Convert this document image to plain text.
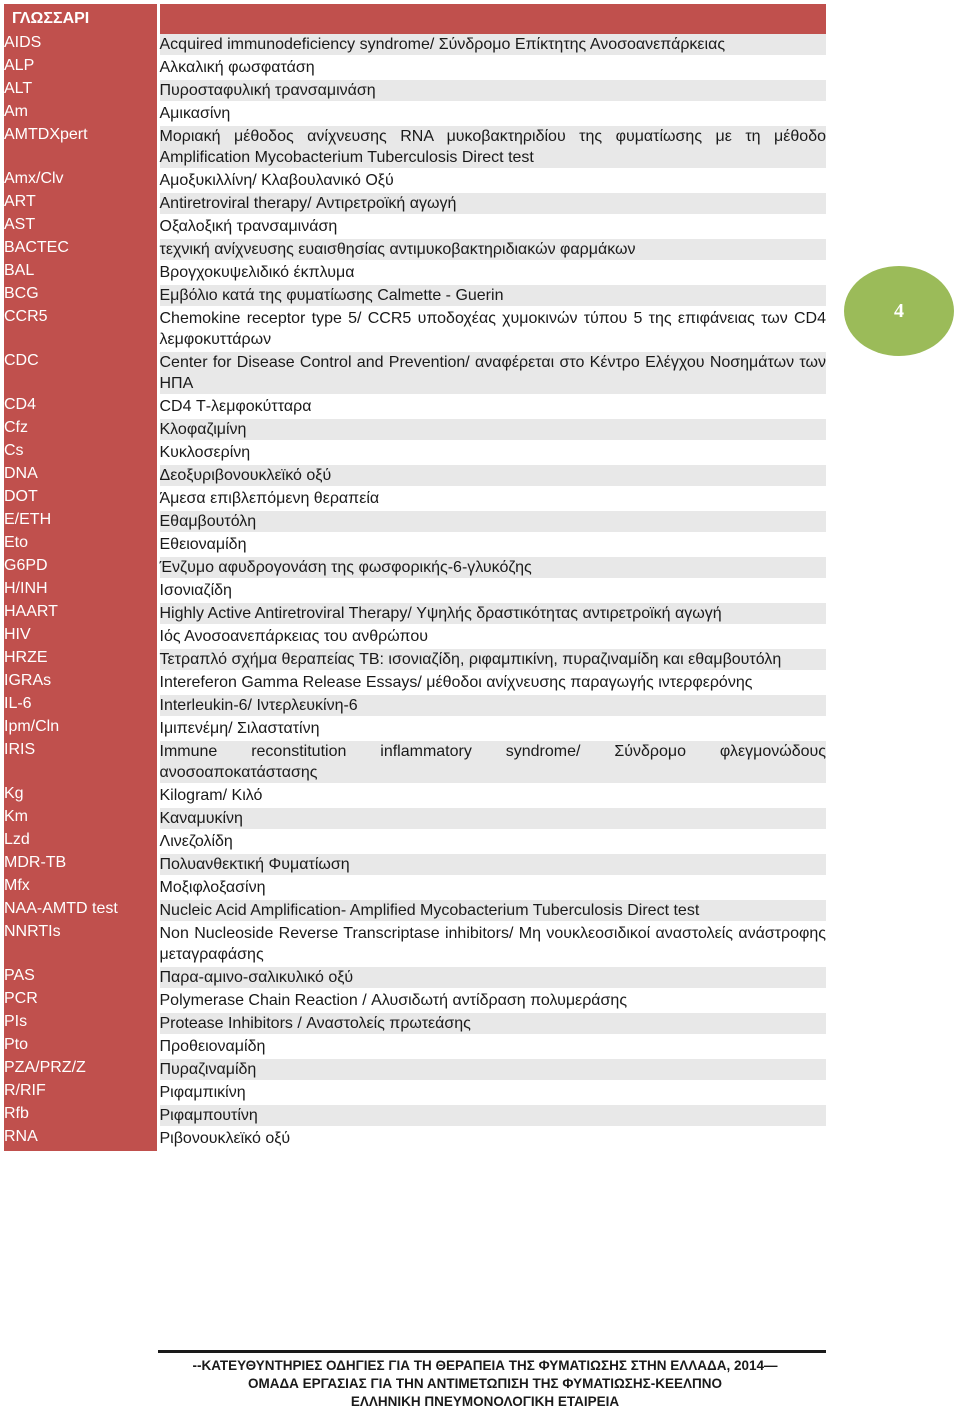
ΓΛΩΣΣΑΡΙ	
AIDS	Acquired immunodeficiency syndrome/ Σύνδρομο Επίκτητης Ανοσοανεπάρκειας

ALP	Αλκαλική φωσφατάση

ALT	Πυροσταφυλική τρανσαμινάση

Am	Αμικασίνη

AMTDXpert	Μοριακή μέθοδος ανίχνευσης RNA μυκοβακτηριδίου της φυματίωσης με τη μέθοδο Amplification Mycobacterium Tuberculosis Direct test

Amx/Clv	Αμοξυκιλλίνη/ Κλαβουλανικό Οξύ

ART	Antiretroviral therapy/ Αντιρετροϊκή αγωγή

AST	Οξαλοξική τρανσαμινάση

BACTEC	τεχνική ανίχνευσης ευαισθησίας αντιμυκοβακτηριδιακών φαρμάκων

BAL	Βρογχοκυψελιδικό έκπλυμα

BCG	Εμβόλιο κατά της φυματίωσης Calmette - Guerin

CCR5	Chemokine receptor type 5/ CCR5 υποδοχέας χυμοκινών τύπου 5 της επιφάνειας των CD4 λεμφοκυττάρων

CDC	Center for Disease Control and Prevention/ αναφέρεται στο Κέντρο Ελέγχου Νοσημάτων των ΗΠΑ

CD4	CD4 Τ-λεμφοκύτταρα

Cfz	Κλοφαζιμίνη

Cs	Κυκλοσερίνη

DNA	Δεοξυριβονουκλεϊκό οξύ

DOT	Άμεσα επιβλεπόμενη θεραπεία

E/ETH	Εθαμβουτόλη

Eto	Εθειοναμίδη

G6PD	Ένζυμο αφυδρογονάση της φωσφορικής-6-γλυκόζης

H/INH	Ισονιαζίδη

HAART	Highly Active Antiretroviral Therapy/ Υψηλής δραστικότητας αντιρετροϊκή αγωγή

HIV	Ιός Ανοσοανεπάρκειας του ανθρώπου

HRZE	Τετραπλό σχήμα θεραπείας TB: ισονιαζίδη, ριφαμπικίνη, πυραζιναμίδη και εθαμβουτόλη

IGRAs	Intereferon Gamma Release Essays/ μέθοδοι ανίχνευσης παραγωγής ιντερφερόνης

IL-6	Interleukin-6/ Ιντερλευκίνη-6

Ipm/Cln	Ιμιπενέμη/ Σιλαστατίνη

IRIS	Immune reconstitution inflammatory syndrome/ Σύνδρομο φλεγμονώδους ανοσοαποκατάστασης

Kg	Kilogram/ Κιλό

Km	Καναμυκίνη

Lzd	Λινεζολίδη

MDR-TB	Πολυανθεκτική Φυματίωση

Mfx	Μοξιφλοξασίνη

NAA-AMTD test	Nucleic Acid Amplification- Amplified Mycobacterium Tuberculosis Direct test

NNRTIs	Non Nucleoside Reverse Transcriptase inhibitors/ Μη νουκλεοσιδικοί αναστολείς ανάστροφης μεταγραφάσης

PAS	Παρα-αμινο-σαλικυλικό οξύ

PCR	Polymerase Chain Reaction / Αλυσιδωτή αντίδραση πολυμεράσης

PIs	Protease Inhibitors / Αναστολείς πρωτεάσης

Pto	Προθειοναμίδη

PZA/PRZ/Z	Πυραζιναμίδη

R/RIF	Ριφαμπικίνη

Rfb	Ριφαμπουτίνη

RNA	Ριβονουκλεϊκό οξύ

4
--ΚΑΤΕΥΘΥΝΤΗΡΙΕΣ ΟΔΗΓΙΕΣ ΓΙΑ ΤΗ ΘΕΡΑΠΕΙΑ ΤΗΣ ΦΥΜΑΤΙΩΣΗΣ ΣΤΗΝ ΕΛΛΑΔΑ, 2014—
ΟΜΑΔΑ ΕΡΓΑΣΙΑΣ ΓΙΑ ΤΗΝ ΑΝΤΙΜΕΤΩΠΙΣΗ ΤΗΣ ΦΥΜΑΤΙΩΣΗΣ-ΚΕΕΛΠΝΟ
ΕΛΛΗΝΙΚΗ ΠΝΕΥΜΟΝΟΛΟΓΙΚΗ ΕΤΑΙΡΕΙΑ
